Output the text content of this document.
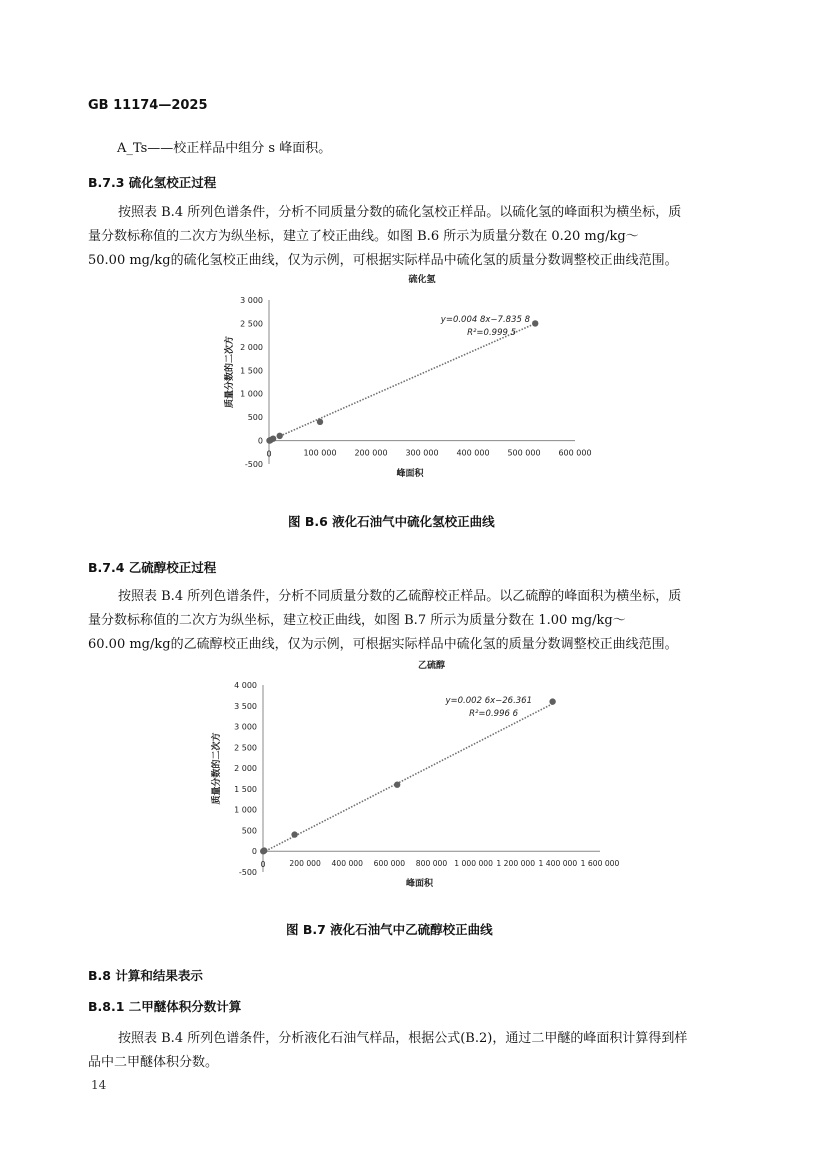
GB 11174—2025
A_Ts——校正样品中组分 s 峰面积。
B.7.3 硫化氢校正过程
按照表 B.4 所列色谱条件，分析不同质量分数的硫化氢校正样品。以硫化氢的峰面积为横坐标，质
量分数标称值的二次方为纵坐标，建立了校正曲线。如图 B.6 所示为质量分数在 0.20 mg/kg～
50.00 mg/kg的硫化氢校正曲线，仅为示例，可根据实际样品中硫化氢的质量分数调整校正曲线范围。
硫化氢
-500
0
500
1 000
1 500
2 000
2 500
3 000
0	100 000 200 000 300 000 400 000 500 000 600 000
峰面积
质量分数的二次方
y=0.004 8x−7.835 8
R²=0.999 5
图 B.6 液化石油气中硫化氢校正曲线
B.7.4 乙硫醇校正过程
按照表 B.4 所列色谱条件，分析不同质量分数的乙硫醇校正样品。以乙硫醇的峰面积为横坐标，质
量分数标称值的二次方为纵坐标，建立校正曲线，如图 B.7 所示为质量分数在 1.00 mg/kg～
60.00 mg/kg的乙硫醇校正曲线，仅为示例，可根据实际样品中硫化氢的质量分数调整校正曲线范围。
乙硫醇
-500
0
500
1 000
1 500
2 000
2 500
3 000
3 500
4 000
0	200 000 400 000 600 000 800 000 1 000 000 1 200 000 1 400 000 1 600 000
峰面积
质量分数的二次方
y=0.002 6x−26.361
R²=0.996 6
图 B.7 液化石油气中乙硫醇校正曲线
B.8 计算和结果表示
B.8.1 二甲醚体积分数计算
按照表 B.4 所列色谱条件，分析液化石油气样品，根据公式(B.2)，通过二甲醚的峰面积计算得到样
品中二甲醚体积分数。
14
